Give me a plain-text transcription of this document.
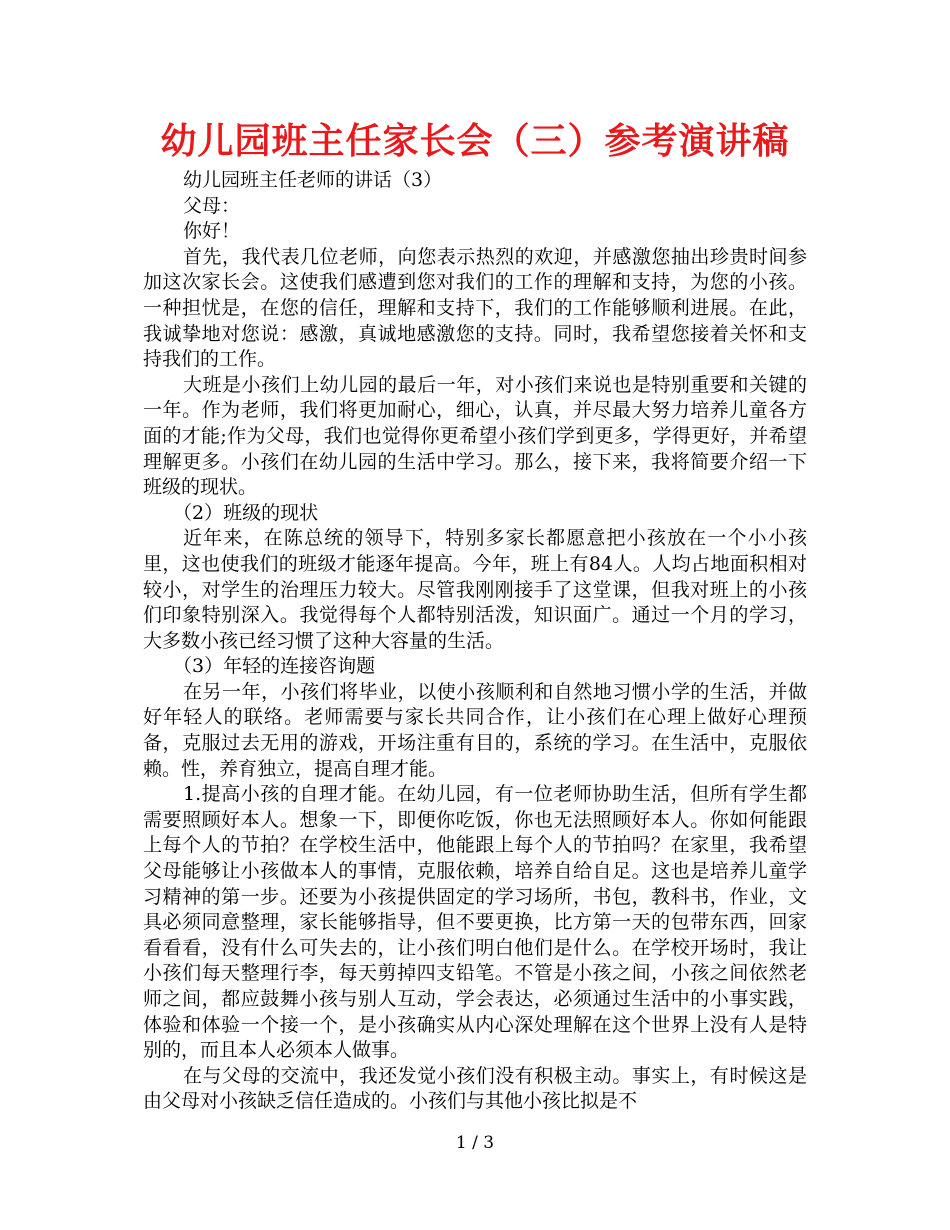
幼儿园班主任家长会（三）参考演讲稿

幼儿园班主任老师的讲话（3）

父母：

你好！

首先，我代表几位老师，向您表示热烈的欢迎，并感激您抽出珍贵时间参加这次家长会。这使我们感遭到您对我们的工作的理解和支持，为您的小孩。一种担忧是，在您的信任，理解和支持下，我们的工作能够顺利进展。在此，我诚挚地对您说：感激，真诚地感激您的支持。同时，我希望您接着关怀和支持我们的工作。

大班是小孩们上幼儿园的最后一年，对小孩们来说也是特别重要和关键的一年。作为老师，我们将更加耐心，细心，认真，并尽最大努力培养儿童各方面的才能;作为父母，我们也觉得你更希望小孩们学到更多，学得更好，并希望理解更多。小孩们在幼儿园的生活中学习。那么，接下来，我将简要介绍一下班级的现状。

（2）班级的现状

近年来，在陈总统的领导下，特别多家长都愿意把小孩放在一个小小孩里，这也使我们的班级才能逐年提高。今年，班上有84人。人均占地面积相对较小，对学生的治理压力较大。尽管我刚刚接手了这堂课，但我对班上的小孩们印象特别深入。我觉得每个人都特别活泼，知识面广。通过一个月的学习，大多数小孩已经习惯了这种大容量的生活。

（3）年轻的连接咨询题

在另一年，小孩们将毕业，以使小孩顺利和自然地习惯小学的生活，并做好年轻人的联络。老师需要与家长共同合作，让小孩们在心理上做好心理预备，克服过去无用的游戏，开场注重有目的，系统的学习。在生活中，克服依赖。性，养育独立，提高自理才能。

1.提高小孩的自理才能。在幼儿园，有一位老师协助生活，但所有学生都需要照顾好本人。想象一下，即便你吃饭，你也无法照顾好本人。你如何能跟上每个人的节拍？在学校生活中，他能跟上每个人的节拍吗？在家里，我希望父母能够让小孩做本人的事情，克服依赖，培养自给自足。这也是培养儿童学习精神的第一步。还要为小孩提供固定的学习场所，书包，教科书，作业，文具必须同意整理，家长能够指导，但不要更换，比方第一天的包带东西，回家看看看，没有什么可失去的，让小孩们明白他们是什么。在学校开场时，我让小孩们每天整理行李，每天剪掉四支铅笔。不管是小孩之间，小孩之间依然老师之间，都应鼓舞小孩与别人互动，学会表达，必须通过生活中的小事实践，体验和体验一个接一个，是小孩确实从内心深处理解在这个世界上没有人是特别的，而且本人必须本人做事。

在与父母的交流中，我还发觉小孩们没有积极主动。事实上，有时候这是由父母对小孩缺乏信任造成的。小孩们与其他小孩比拟是不

1 / 3
